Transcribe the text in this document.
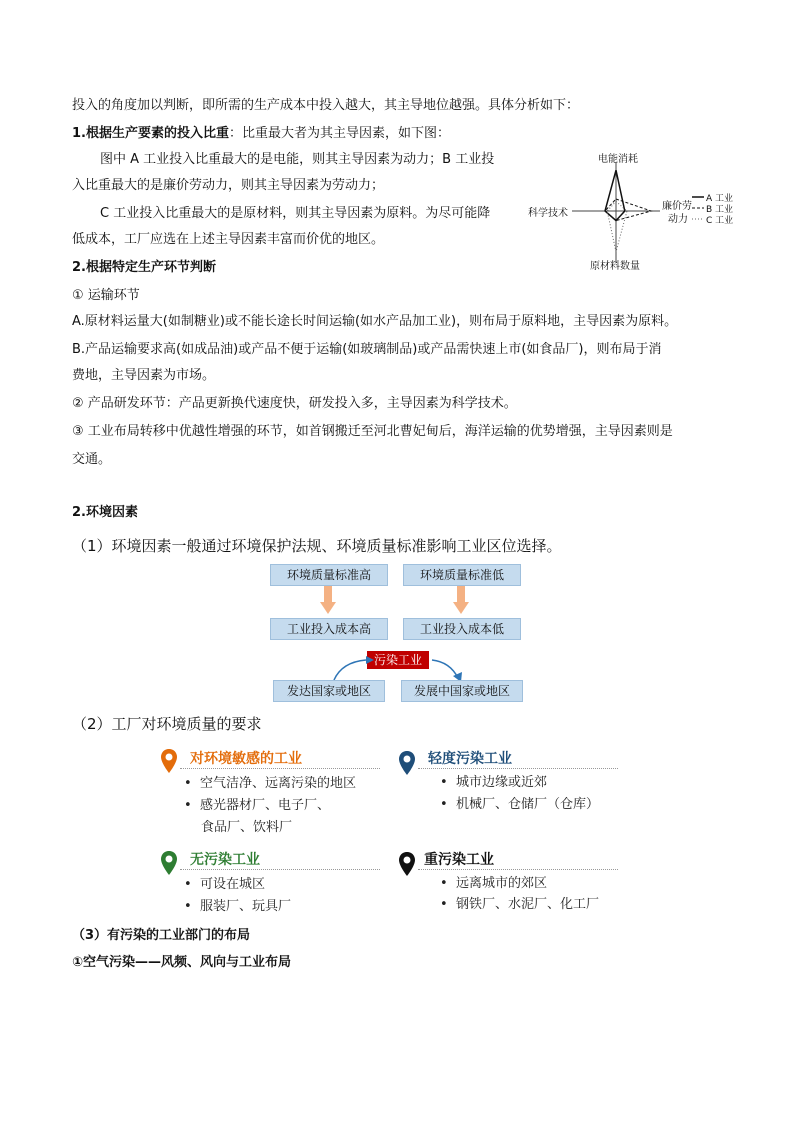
投入的角度加以判断，即所需的生产成本中投入越大，其主导地位越强。具体分析如下：
1.根据生产要素的投入比重：比重最大者为其主导因素，如下图：
图中 A 工业投入比重最大的是电能，则其主导因素为动力；B 工业投
入比重最大的是廉价劳动力，则其主导因素为劳动力；
C 工业投入比重最大的是原材料，则其主导因素为原料。为尽可能降
低成本，工厂应选在上述主导因素丰富而价优的地区。
电能消耗
科学技术
廉价劳
动力
原材料数量
A 工业
B 工业
C 工业
2.根据特定生产环节判断
① 运输环节
A.原材料运量大(如制糖业)或不能长途长时间运输(如水产品加工业)，则布局于原料地，主导因素为原料。
B.产品运输要求高(如成品油)或产品不便于运输(如玻璃制品)或产品需快速上市(如食品厂)，则布局于消
费地，主导因素为市场。
② 产品研发环节：产品更新换代速度快，研发投入多，主导因素为科学技术。
③ 工业布局转移中优越性增强的环节，如首钢搬迁至河北曹妃甸后，海洋运输的优势增强，主导因素则是
交通。
2.环境因素
（1）环境因素一般通过环境保护法规、环境质量标准影响工业区位选择。
环境质量标准高	环境质量标准低
工业投入成本高	工业投入成本低
污染工业
发达国家或地区	发展中国家或地区
（2）工厂对环境质量的要求
对环境敏感的工业
•  空气洁净、远离污染的地区
•  感光器材厂、电子厂、
食品厂、饮料厂
轻度污染工业
•  城市边缘或近郊
•  机械厂、仓储厂（仓库）
无污染工业
•  可设在城区
•  服装厂、玩具厂
重污染工业
•  远离城市的郊区
•  钢铁厂、水泥厂、化工厂
（3）有污染的工业部门的布局
①空气污染——风频、风向与工业布局
